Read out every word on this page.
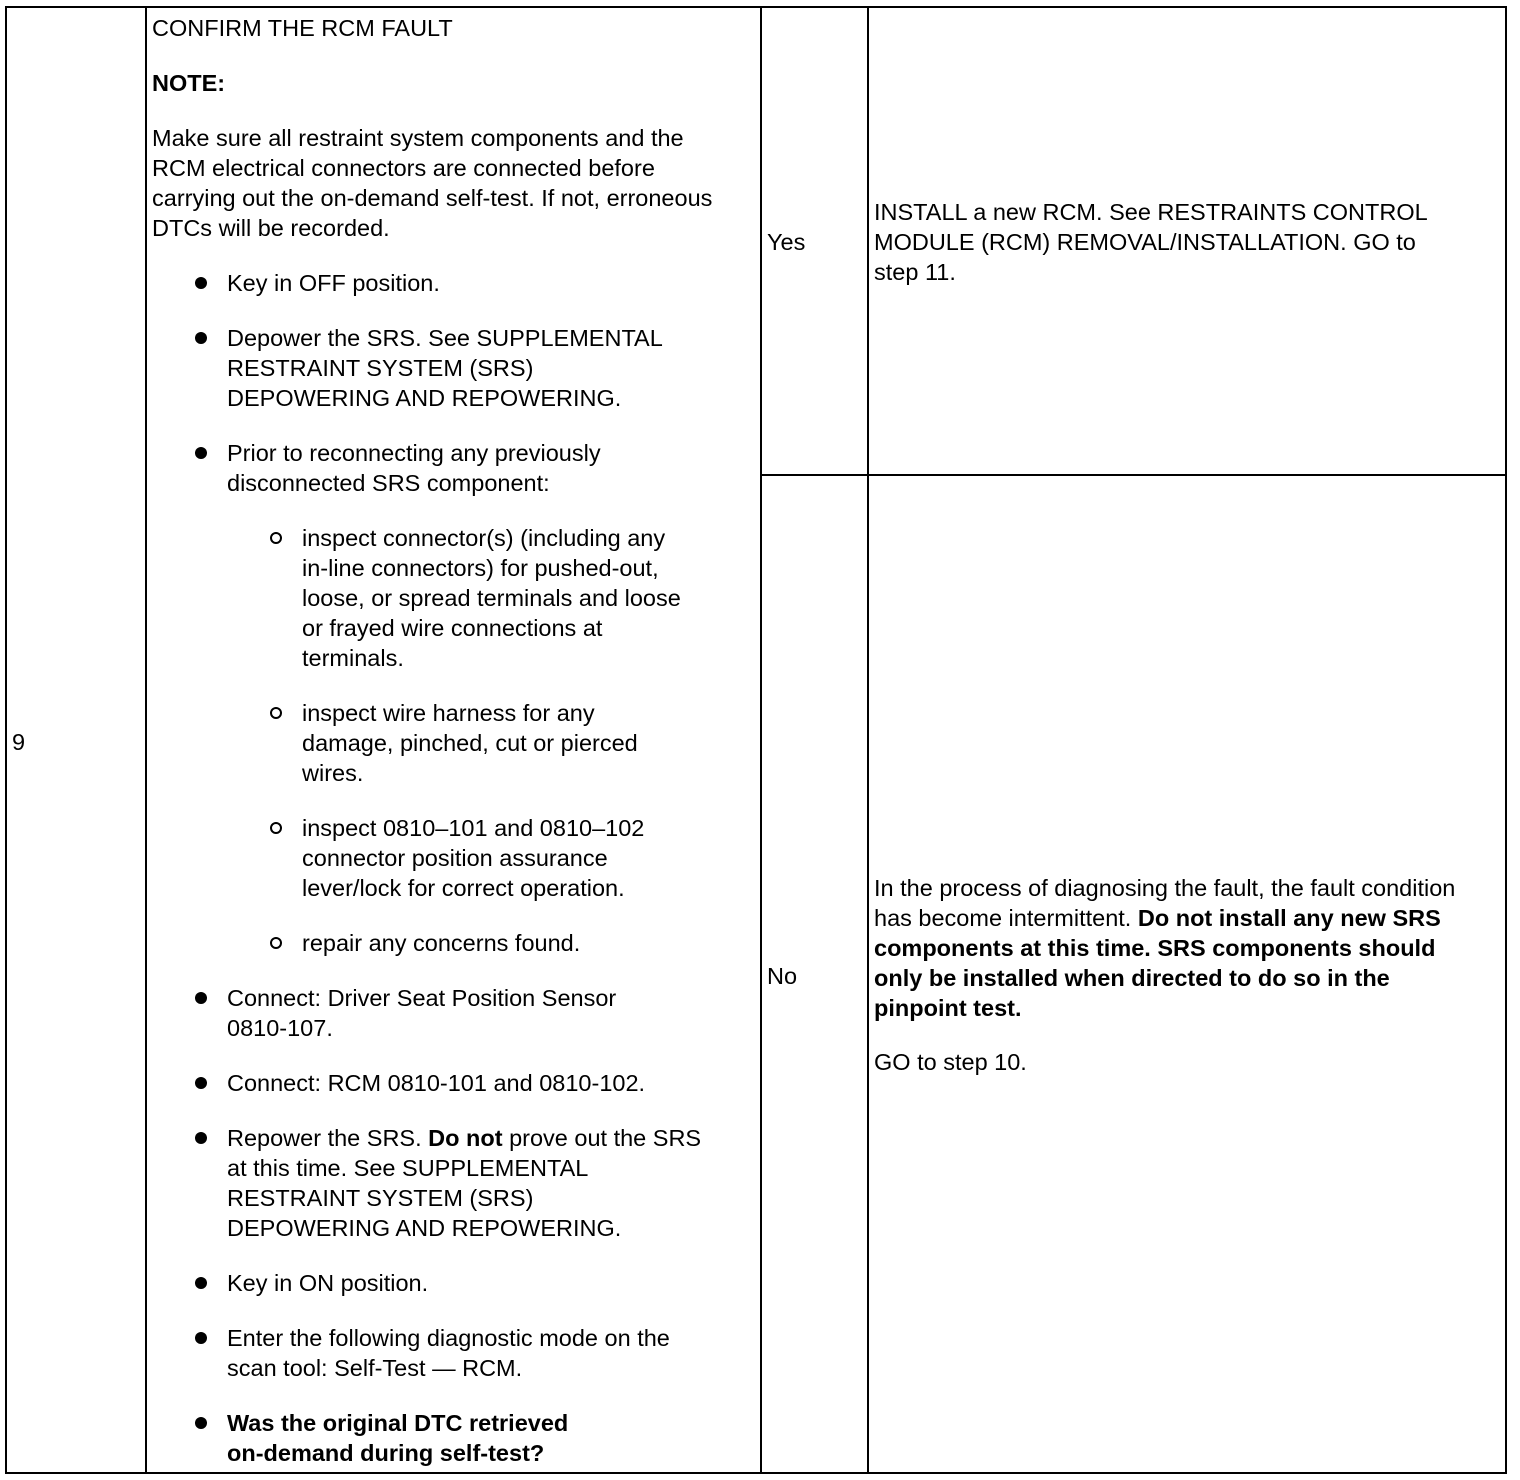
9
CONFIRM THE RCM FAULT
NOTE:
Make sure all restraint system components and the
RCM electrical connectors are connected before
carrying out the on-demand self-test. If not, erroneous
DTCs will be recorded.
Key in OFF position.
Depower the SRS. See SUPPLEMENTAL
RESTRAINT SYSTEM (SRS)
DEPOWERING AND REPOWERING.
Prior to reconnecting any previously
disconnected SRS component:
inspect connector(s) (including any
in-line connectors) for pushed-out,
loose, or spread terminals and loose
or frayed wire connections at
terminals.
inspect wire harness for any
damage, pinched, cut or pierced
wires.
inspect 0810–101 and 0810–102
connector position assurance
lever/lock for correct operation.
repair any concerns found.
Connect: Driver Seat Position Sensor
0810-107.
Connect: RCM 0810-101 and 0810-102.
Repower the SRS. Do not prove out the SRS
at this time. See SUPPLEMENTAL
RESTRAINT SYSTEM (SRS)
DEPOWERING AND REPOWERING.
Key in ON position.
Enter the following diagnostic mode on the
scan tool: Self-Test — RCM.
Was the original DTC retrieved
on-demand during self-test?
Yes
INSTALL a new RCM. See RESTRAINTS CONTROL
MODULE (RCM) REMOVAL/INSTALLATION. GO to
step 11.
No
In the process of diagnosing the fault, the fault condition
has become intermittent. Do not install any new SRS
components at this time. SRS components should
only be installed when directed to do so in the
pinpoint test.
GO to step 10.
